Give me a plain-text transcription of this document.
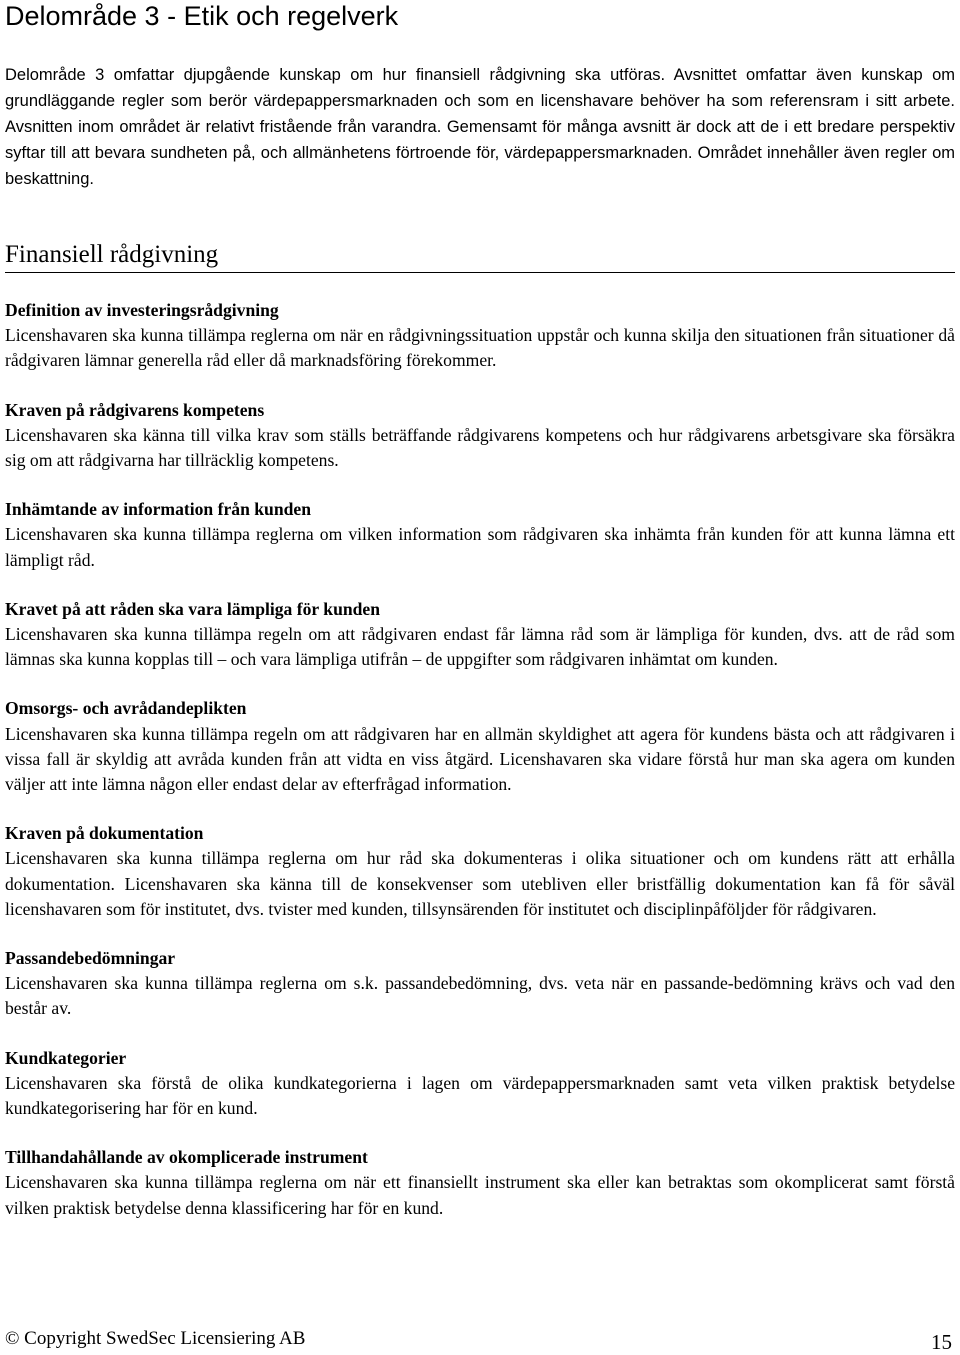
Delområde 3 - Etik och regelverk

Delområde 3 omfattar djupgående kunskap om hur finansiell rådgivning ska utföras. Avsnittet omfattar även kunskap om grundläggande regler som berör värdepappersmarknaden och som en licenshavare behöver ha som referensram i sitt arbete. Avsnitten inom området är relativt fristående från varandra. Gemensamt för många avsnitt är dock att de i ett bredare perspektiv syftar till att bevara sundheten på, och allmänhetens förtroende för, värdepappersmarknaden. Området innehåller även regler om beskattning.

Finansiell rådgivning
Definition av investeringsrådgivning

Licenshavaren ska kunna tillämpa reglerna om när en rådgivningssituation uppstår och kunna skilja den situationen från situationer då rådgivaren lämnar generella råd eller då marknadsföring förekommer.

Kraven på rådgivarens kompetens

Licenshavaren ska känna till vilka krav som ställs beträffande rådgivarens kompetens och hur rådgivarens arbetsgivare ska försäkra sig om att rådgivarna har tillräcklig kompetens.

Inhämtande av information från kunden

Licenshavaren ska kunna tillämpa reglerna om vilken information som rådgivaren ska inhämta från kunden för att kunna lämna ett lämpligt råd.

Kravet på att råden ska vara lämpliga för kunden

Licenshavaren ska kunna tillämpa regeln om att rådgivaren endast får lämna råd som är lämpliga för kunden, dvs. att de råd som lämnas ska kunna kopplas till – och vara lämpliga utifrån – de uppgifter som rådgivaren inhämtat om kunden.

Omsorgs- och avrådandeplikten

Licenshavaren ska kunna tillämpa regeln om att rådgivaren har en allmän skyldighet att agera för kundens bästa och att rådgivaren i vissa fall är skyldig att avråda kunden från att vidta en viss åtgärd. Licenshavaren ska vidare förstå hur man ska agera om kunden väljer att inte lämna någon eller endast delar av efterfrågad information.

Kraven på dokumentation

Licenshavaren ska kunna tillämpa reglerna om hur råd ska dokumenteras i olika situationer och om kundens rätt att erhålla dokumentation. Licenshavaren ska känna till de konsekvenser som utebliven eller bristfällig dokumentation kan få för såväl licenshavaren som för institutet, dvs. tvister med kunden, tillsynsärenden för institutet och disciplinpåföljder för rådgivaren.

Passandebedömningar

Licenshavaren ska kunna tillämpa reglerna om s.k. passandebedömning, dvs. veta när en passande-bedömning krävs och vad den består av.

Kundkategorier

Licenshavaren ska förstå de olika kundkategorierna i lagen om värdepappersmarknaden samt veta vilken praktisk betydelse kundkategorisering har för en kund.

Tillhandahållande av okomplicerade instrument

Licenshavaren ska kunna tillämpa reglerna om när ett finansiellt instrument ska eller kan betraktas som okomplicerat samt förstå vilken praktisk betydelse denna klassificering har för en kund.

© Copyright SwedSec Licensiering AB	15
